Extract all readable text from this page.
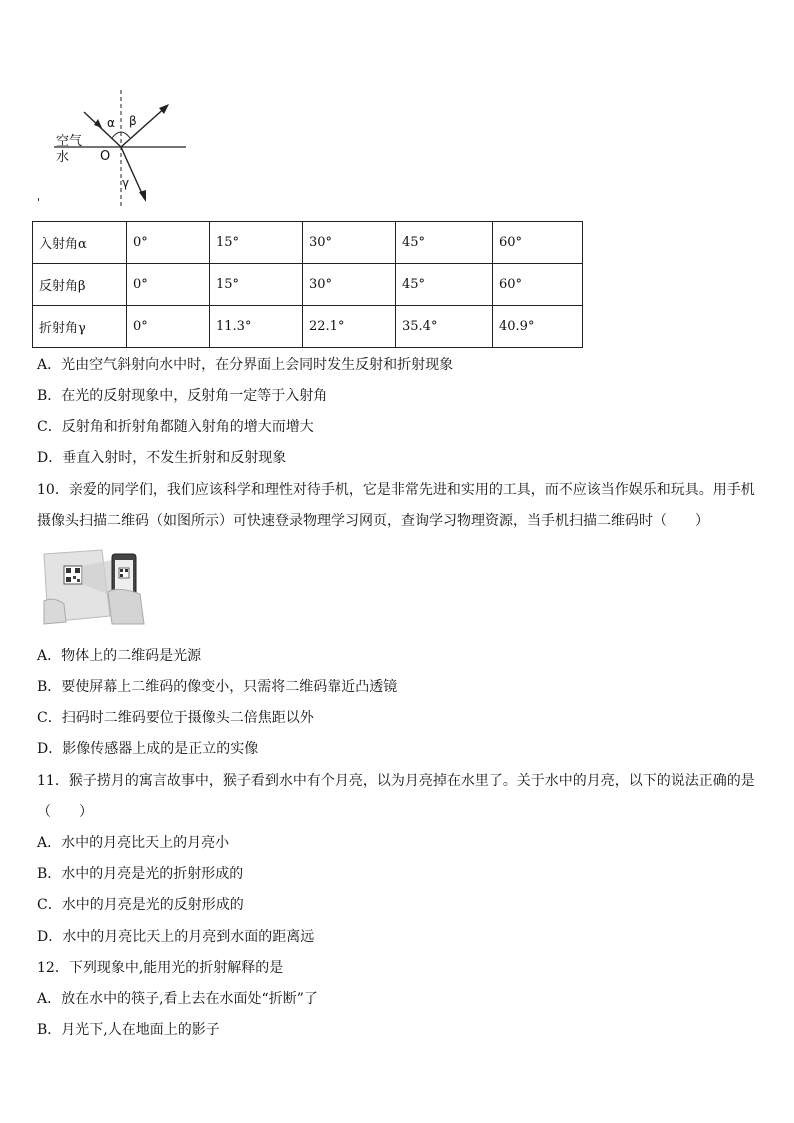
空气
水 O
α β
γ
'
入射角α	0°	15°	30°	45°	60°
反射角β	0°	15°	30°	45°	60°
折射角γ	0°	11.3°	22.1°	35.4°	40.9°
A．光由空气斜射向水中时，在分界面上会同时发生反射和折射现象
B．在光的反射现象中，反射角一定等于入射角
C．反射角和折射角都随入射角的增大而增大
D．垂直入射时，不发生折射和反射现象
10．亲爱的同学们，我们应该科学和理性对待手机，它是非常先进和实用的工具，而不应该当作娱乐和玩具。用手机
摄像头扫描二维码（如图所示）可快速登录物理学习网页，查询学习物理资源，当手机扫描二维码时（　　）
A．物体上的二维码是光源
B．要使屏幕上二维码的像变小，只需将二维码靠近凸透镜
C．扫码时二维码要位于摄像头二倍焦距以外
D．影像传感器上成的是正立的实像
11．猴子捞月的寓言故事中，猴子看到水中有个月亮，以为月亮掉在水里了。关于水中的月亮，以下的说法正确的是
（　　）
A．水中的月亮比天上的月亮小
B．水中的月亮是光的折射形成的
C．水中的月亮是光的反射形成的
D．水中的月亮比天上的月亮到水面的距离远
12．下列现象中,能用光的折射解释的是
A．放在水中的筷子,看上去在水面处“折断”了
B．月光下,人在地面上的影子
